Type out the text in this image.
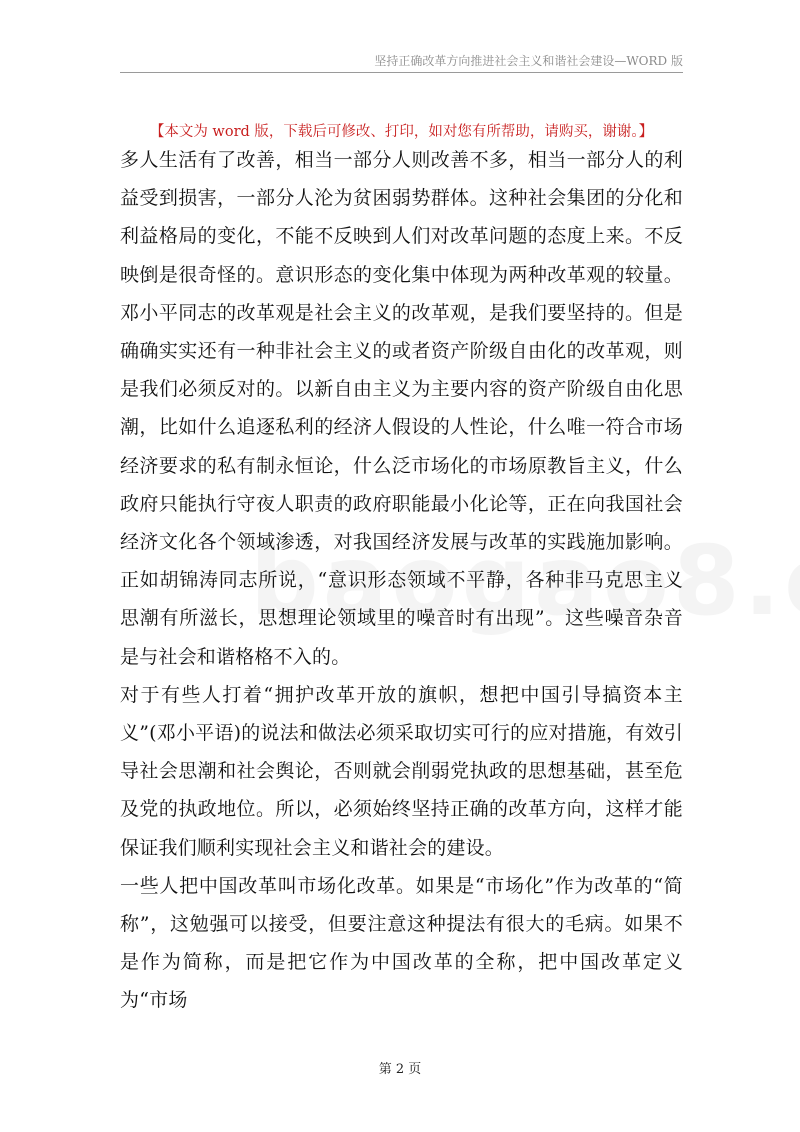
坚持正确改革方向推进社会主义和谐社会建设—WORD 版
【本文为 word 版，下载后可修改、打印，如对您有所帮助，请购买，谢谢。】

多人生活有了改善，相当一部分人则改善不多，相当一部分人的利益受到损害，一部分人沦为贫困弱势群体。这种社会集团的分化和利益格局的变化，不能不反映到人们对改革问题的态度上来。不反映倒是很奇怪的。意识形态的变化集中体现为两种改革观的较量。邓小平同志的改革观是社会主义的改革观，是我们要坚持的。但是确确实实还有一种非社会主义的或者资产阶级自由化的改革观，则是我们必须反对的。以新自由主义为主要内容的资产阶级自由化思潮，比如什么追逐私利的经济人假设的人性论，什么唯一符合市场经济要求的私有制永恒论，什么泛市场化的市场原教旨主义，什么政府只能执行守夜人职责的政府职能最小化论等，正在向我国社会经济文化各个领域渗透，对我国经济发展与改革的实践施加影响。正如胡锦涛同志所说，“意识形态领域不平静，各种非马克思主义思潮有所滋长，思想理论领域里的噪音时有出现”。这些噪音杂音是与社会和谐格格不入的。

对于有些人打着“拥护改革开放的旗帜，想把中国引导搞资本主义”(邓小平语)的说法和做法必须采取切实可行的应对措施，有效引导社会思潮和社会舆论，否则就会削弱党执政的思想基础，甚至危及党的执政地位。所以，必须始终坚持正确的改革方向，这样才能保证我们顺利实现社会主义和谐社会的建设。

一些人把中国改革叫市场化改革。如果是“市场化”作为改革的“简称”，这勉强可以接受，但要注意这种提法有很大的毛病。如果不是作为简称，而是把它作为中国改革的全称，把中国改革定义为“市场

第 2 页
